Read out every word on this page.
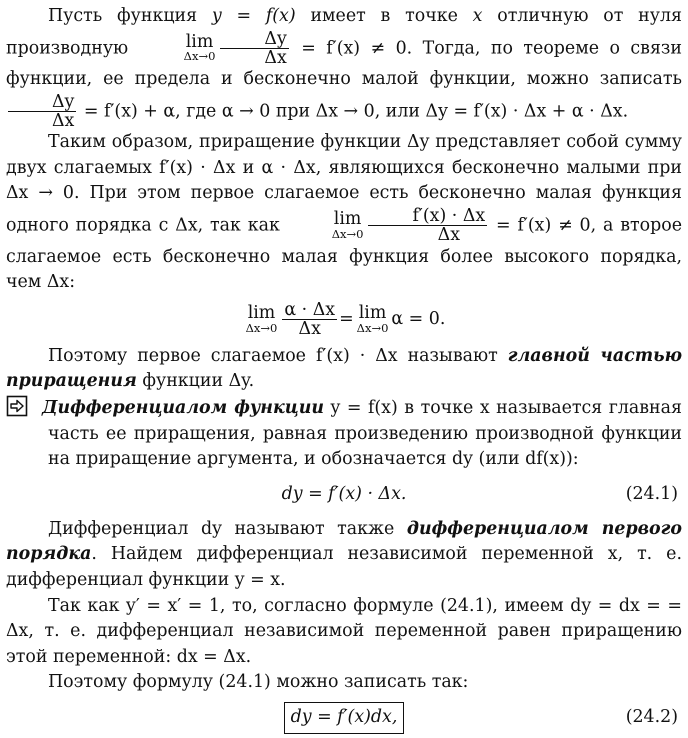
Пусть функция y = f(x) имеет в точке x отличную от нуля производную	lim
$\Delta x\to 0 \frac{\Delta y}{\Delta x} = f'(x) \ne 0$. Тогда, по теореме о связи функции, ее предела и бесконечно малой функции, можно записать
$\frac{\Delta y}{\Delta x} = f'(x) + \alpha$, где α → 0 при Δx → 0, или Δy = f′(x) · Δx + α · Δx.

Таким образом, приращение функции Δy представляет собой сумму двух слагаемых f′(x) · Δx и α · Δx, являющихся бесконечно малыми при Δx → 0. При этом первое слагаемое есть бесконечно малая функция одного порядка с Δx, так как	lim
$\Delta x\to 0 \frac{f'(x) \cdot \Delta x}{\Delta x} = f'(x) \ne 0$, а второе слагаемое есть бесконечно малая функция более высокого порядка, чем Δx:

lim
$\Delta x\to 0 \frac{\alpha \cdot \Delta x}{\Delta x} = \lim$
Δx→0 α = 0.

Поэтому первое слагаемое f′(x) · Δx называют главной частью приращения функции Δy.

Дифференциалом функции y = f(x) в точке x называется главная часть ее приращения, равная произведению производной функции на приращение аргумента, и обозначается dy (или df(x)):

dy = f′(x) · Δx.	(24.1)

Дифференциал dy называют также дифференциалом первого порядка. Найдем дифференциал независимой переменной x, т. е. дифференциал функции y = x.

Так как y′ = x′ = 1, то, согласно формуле (24.1), имеем dy = dx = = Δx, т. е. дифференциал независимой переменной равен приращению этой переменной: dx = Δx.

Поэтому формулу (24.1) можно записать так:

dy = f′(x)dx,	(24.2)
